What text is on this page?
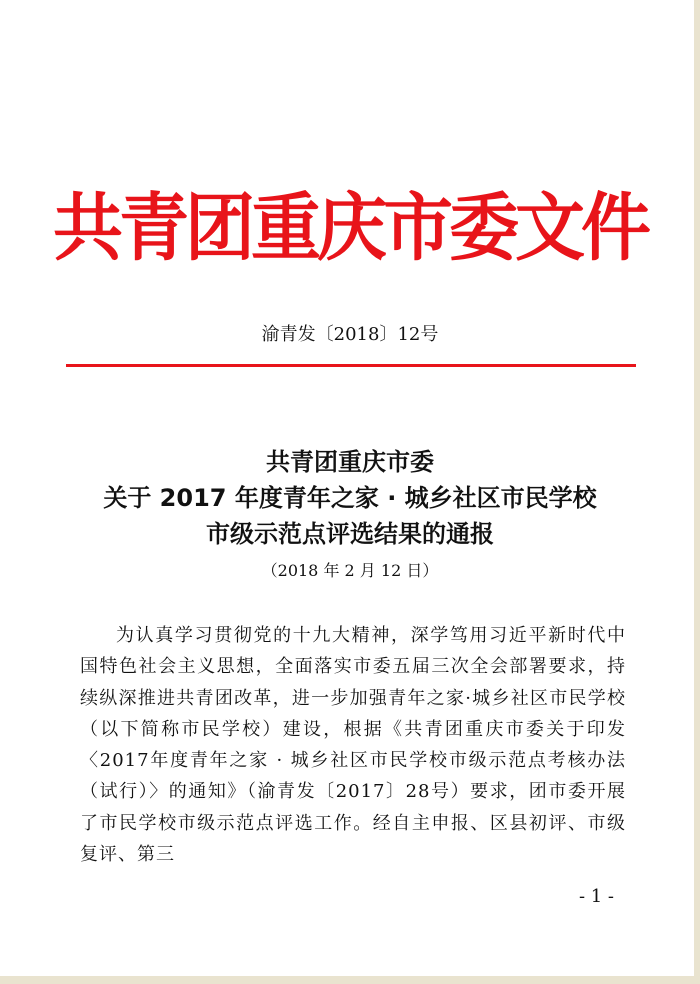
共青团重庆市委文件
渝青发〔2018〕12号
共青团重庆市委
关于 2017 年度青年之家 · 城乡社区市民学校
市级示范点评选结果的通报
（2018 年 2 月 12 日）

为认真学习贯彻党的十九大精神，深学笃用习近平新时代中国特色社会主义思想，全面落实市委五届三次全会部署要求，持续纵深推进共青团改革，进一步加强青年之家·城乡社区市民学校（以下简称市民学校）建设，根据《共青团重庆市委关于印发〈2017年度青年之家 · 城乡社区市民学校市级示范点考核办法（试行）〉的通知》（渝青发〔2017〕28号）要求，团市委开展了市民学校市级示范点评选工作。经自主申报、区县初评、市级复评、第三

- 1 -
